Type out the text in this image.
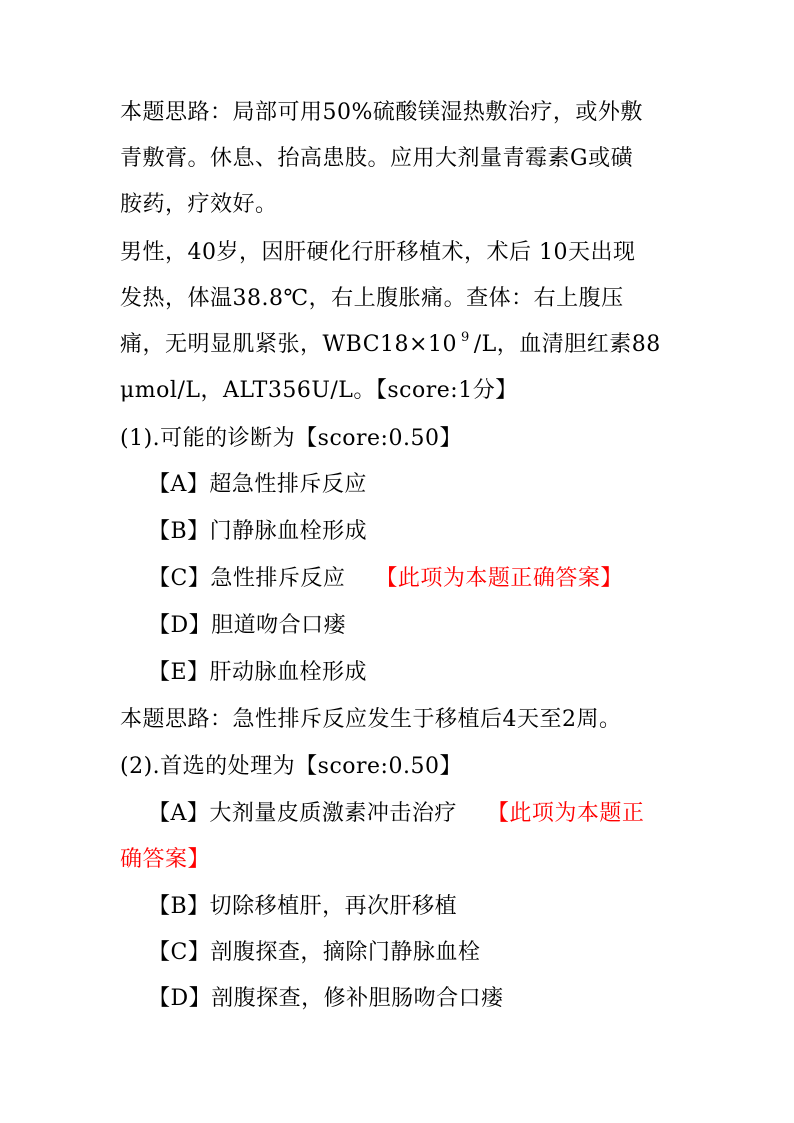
本题思路：局部可用50%硫酸镁湿热敷治疗，或外敷
青敷膏。休息、抬高患肢。应用大剂量青霉素G或磺
胺药，疗效好。
男性，40岁，因肝硬化行肝移植术，术后 10天出现
发热，体温38.8℃，右上腹胀痛。查体：右上腹压
痛，无明显肌紧张，WBC18×10 $^9$ /L，血清胆红素88
μmol/L，ALT356U/L。【score:1分】
(1).可能的诊断为【score:0.50】
【A】超急性排斥反应
【B】门静脉血栓形成
【C】急性排斥反应 【此项为本题正确答案】
【D】胆道吻合口瘘
【E】肝动脉血栓形成
本题思路：急性排斥反应发生于移植后4天至2周。
(2).首选的处理为【score:0.50】
【A】大剂量皮质激素冲击治疗 【此项为本题正
确答案】
【B】切除移植肝，再次肝移植
【C】剖腹探查，摘除门静脉血栓
【D】剖腹探查，修补胆肠吻合口瘘
